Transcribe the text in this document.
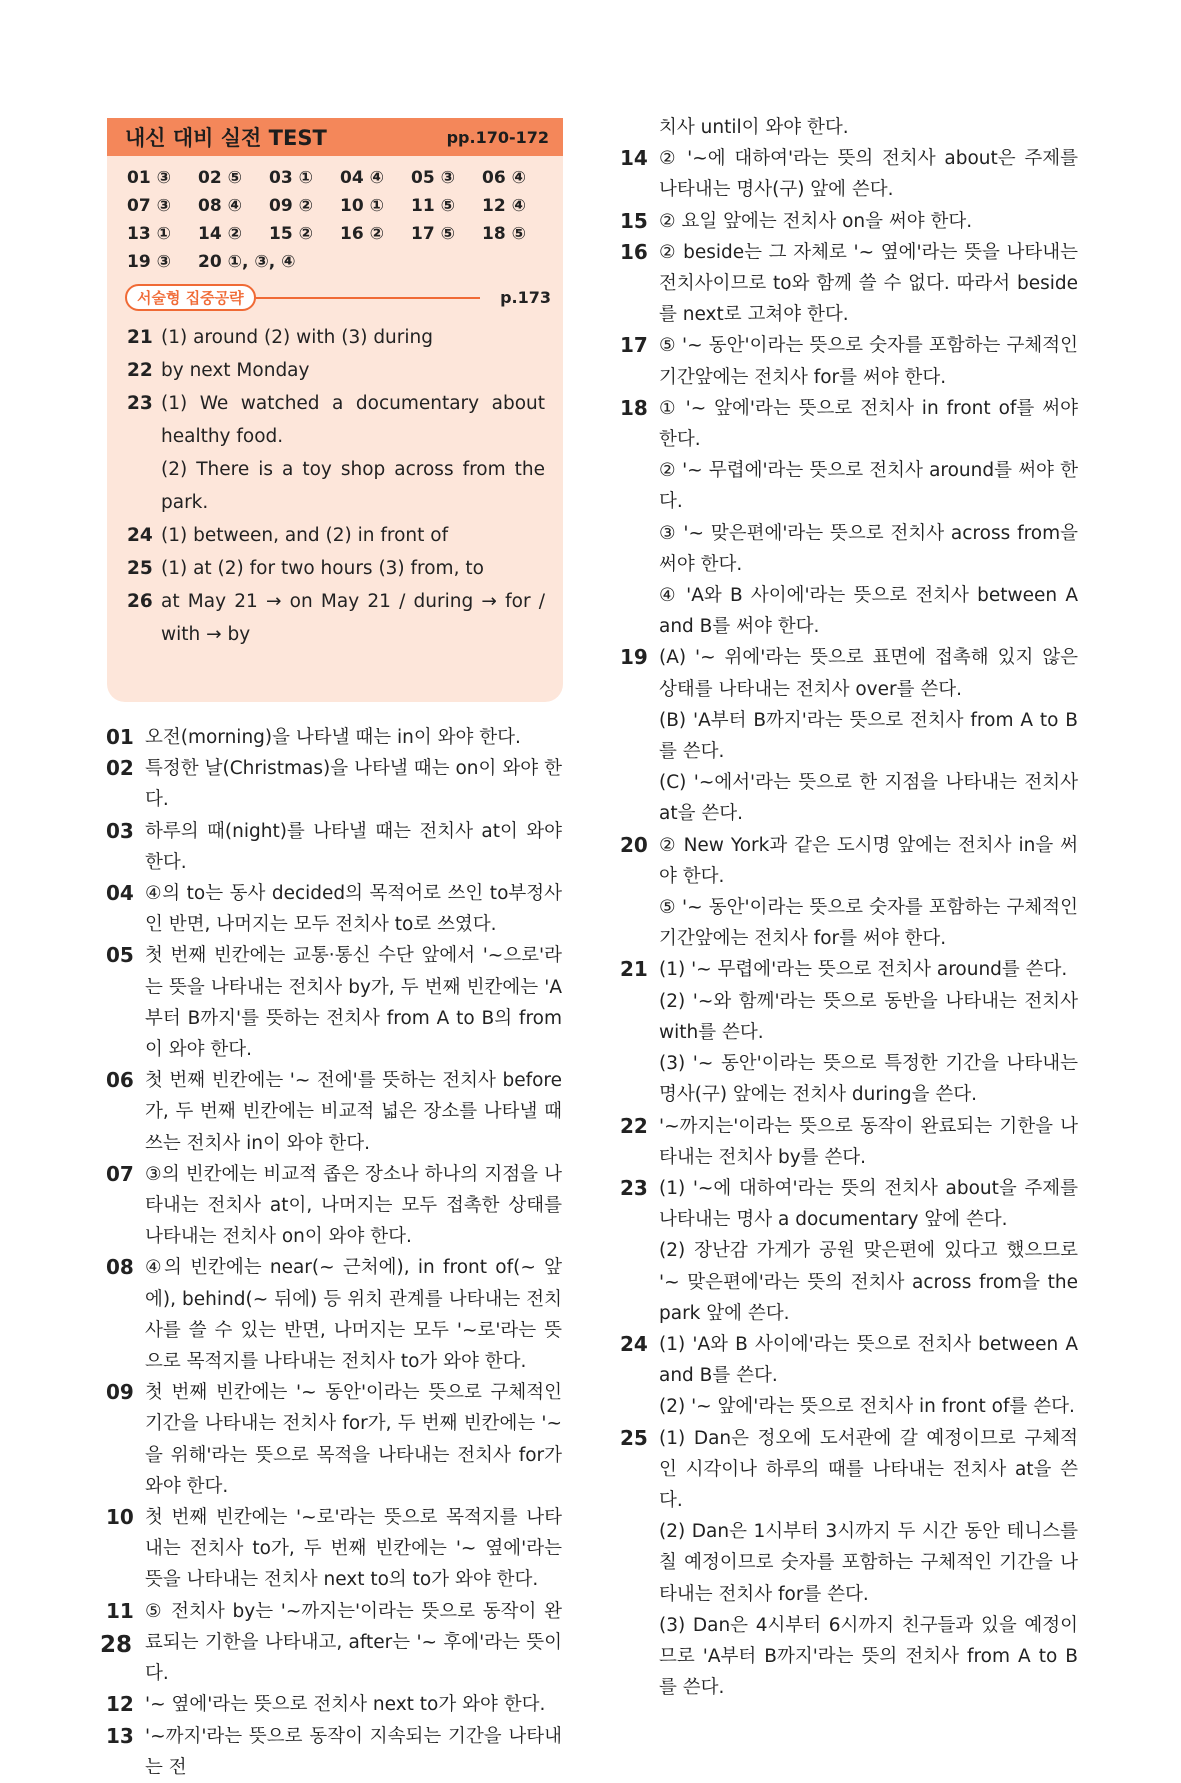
내신 대비 실전 TEST	pp.170-172
01 ③	02 ⑤	03 ①	04 ④	05 ③	06 ④
07 ③	08 ④	09 ②	10 ①	11 ⑤	12 ④
13 ①	14 ②	15 ②	16 ②	17 ⑤	18 ⑤
19 ③	20 ①, ③, ④
서술형 집중공략	p.173
21 (1) around (2) with (3) during
22 by next Monday
23 (1) We watched a documentary about healthy food.
(2) There is a toy shop across from the park.
24 (1) between, and (2) in front of
25 (1) at (2) for two hours (3) from, to
26 at May 21 → on May 21 / during → for / with → by
01 오전(morning)을 나타낼 때는 in이 와야 한다.
02 특정한 날(Christmas)을 나타낼 때는 on이 와야 한다.
03 하루의 때(night)를 나타낼 때는 전치사 at이 와야 한다.
04 ④의 to는 동사 decided의 목적어로 쓰인 to부정사인 반면, 나머지는 모두 전치사 to로 쓰였다.
05 첫 번째 빈칸에는 교통·통신 수단 앞에서 '~으로'라는 뜻을 나타내는 전치사 by가, 두 번째 빈칸에는 'A부터 B까지'를 뜻하는 전치사 from A to B의 from이 와야 한다.
06 첫 번째 빈칸에는 '~ 전에'를 뜻하는 전치사 before가, 두 번째 빈칸에는 비교적 넓은 장소를 나타낼 때 쓰는 전치사 in이 와야 한다.
07 ③의 빈칸에는 비교적 좁은 장소나 하나의 지점을 나타내는 전치사 at이, 나머지는 모두 접촉한 상태를 나타내는 전치사 on이 와야 한다.
08 ④의 빈칸에는 near(~ 근처에), in front of(~ 앞에), behind(~ 뒤에) 등 위치 관계를 나타내는 전치사를 쓸 수 있는 반면, 나머지는 모두 '~로'라는 뜻으로 목적지를 나타내는 전치사 to가 와야 한다.
09 첫 번째 빈칸에는 '~ 동안'이라는 뜻으로 구체적인 기간을 나타내는 전치사 for가, 두 번째 빈칸에는 '~을 위해'라는 뜻으로 목적을 나타내는 전치사 for가 와야 한다.
10 첫 번째 빈칸에는 '~로'라는 뜻으로 목적지를 나타내는 전치사 to가, 두 번째 빈칸에는 '~ 옆에'라는 뜻을 나타내는 전치사 next to의 to가 와야 한다.
11 ⑤ 전치사 by는 '~까지는'이라는 뜻으로 동작이 완료되는 기한을 나타내고, after는 '~ 후에'라는 뜻이다.
12 '~ 옆에'라는 뜻으로 전치사 next to가 와야 한다.
13 '~까지'라는 뜻으로 동작이 지속되는 기간을 나타내는 전
치사 until이 와야 한다.
14 ② '~에 대하여'라는 뜻의 전치사 about은 주제를 나타내는 명사(구) 앞에 쓴다.
15 ② 요일 앞에는 전치사 on을 써야 한다.
16 ② beside는 그 자체로 '~ 옆에'라는 뜻을 나타내는 전치사이므로 to와 함께 쓸 수 없다. 따라서 beside를 next로 고쳐야 한다.
17 ⑤ '~ 동안'이라는 뜻으로 숫자를 포함하는 구체적인 기간앞에는 전치사 for를 써야 한다.
18 ① '~ 앞에'라는 뜻으로 전치사 in front of를 써야 한다.
② '~ 무렵에'라는 뜻으로 전치사 around를 써야 한다.
③ '~ 맞은편에'라는 뜻으로 전치사 across from을 써야 한다.
④ 'A와 B 사이에'라는 뜻으로 전치사 between A and B를 써야 한다.
19 (A) '~ 위에'라는 뜻으로 표면에 접촉해 있지 않은 상태를 나타내는 전치사 over를 쓴다.
(B) 'A부터 B까지'라는 뜻으로 전치사 from A to B를 쓴다.
(C) '~에서'라는 뜻으로 한 지점을 나타내는 전치사 at을 쓴다.
20 ② New York과 같은 도시명 앞에는 전치사 in을 써야 한다.
⑤ '~ 동안'이라는 뜻으로 숫자를 포함하는 구체적인 기간앞에는 전치사 for를 써야 한다.
21 (1) '~ 무렵에'라는 뜻으로 전치사 around를 쓴다.
(2) '~와 함께'라는 뜻으로 동반을 나타내는 전치사 with를 쓴다.
(3) '~ 동안'이라는 뜻으로 특정한 기간을 나타내는 명사(구) 앞에는 전치사 during을 쓴다.
22 '~까지는'이라는 뜻으로 동작이 완료되는 기한을 나타내는 전치사 by를 쓴다.
23 (1) '~에 대하여'라는 뜻의 전치사 about을 주제를 나타내는 명사 a documentary 앞에 쓴다.
(2) 장난감 가게가 공원 맞은편에 있다고 했으므로 '~ 맞은편에'라는 뜻의 전치사 across from을 the park 앞에 쓴다.
24 (1) 'A와 B 사이에'라는 뜻으로 전치사 between A and B를 쓴다.
(2) '~ 앞에'라는 뜻으로 전치사 in front of를 쓴다.
25 (1) Dan은 정오에 도서관에 갈 예정이므로 구체적인 시각이나 하루의 때를 나타내는 전치사 at을 쓴다.
(2) Dan은 1시부터 3시까지 두 시간 동안 테니스를 칠 예정이므로 숫자를 포함하는 구체적인 기간을 나타내는 전치사 for를 쓴다.
(3) Dan은 4시부터 6시까지 친구들과 있을 예정이므로 'A부터 B까지'라는 뜻의 전치사 from A to B를 쓴다.
28
